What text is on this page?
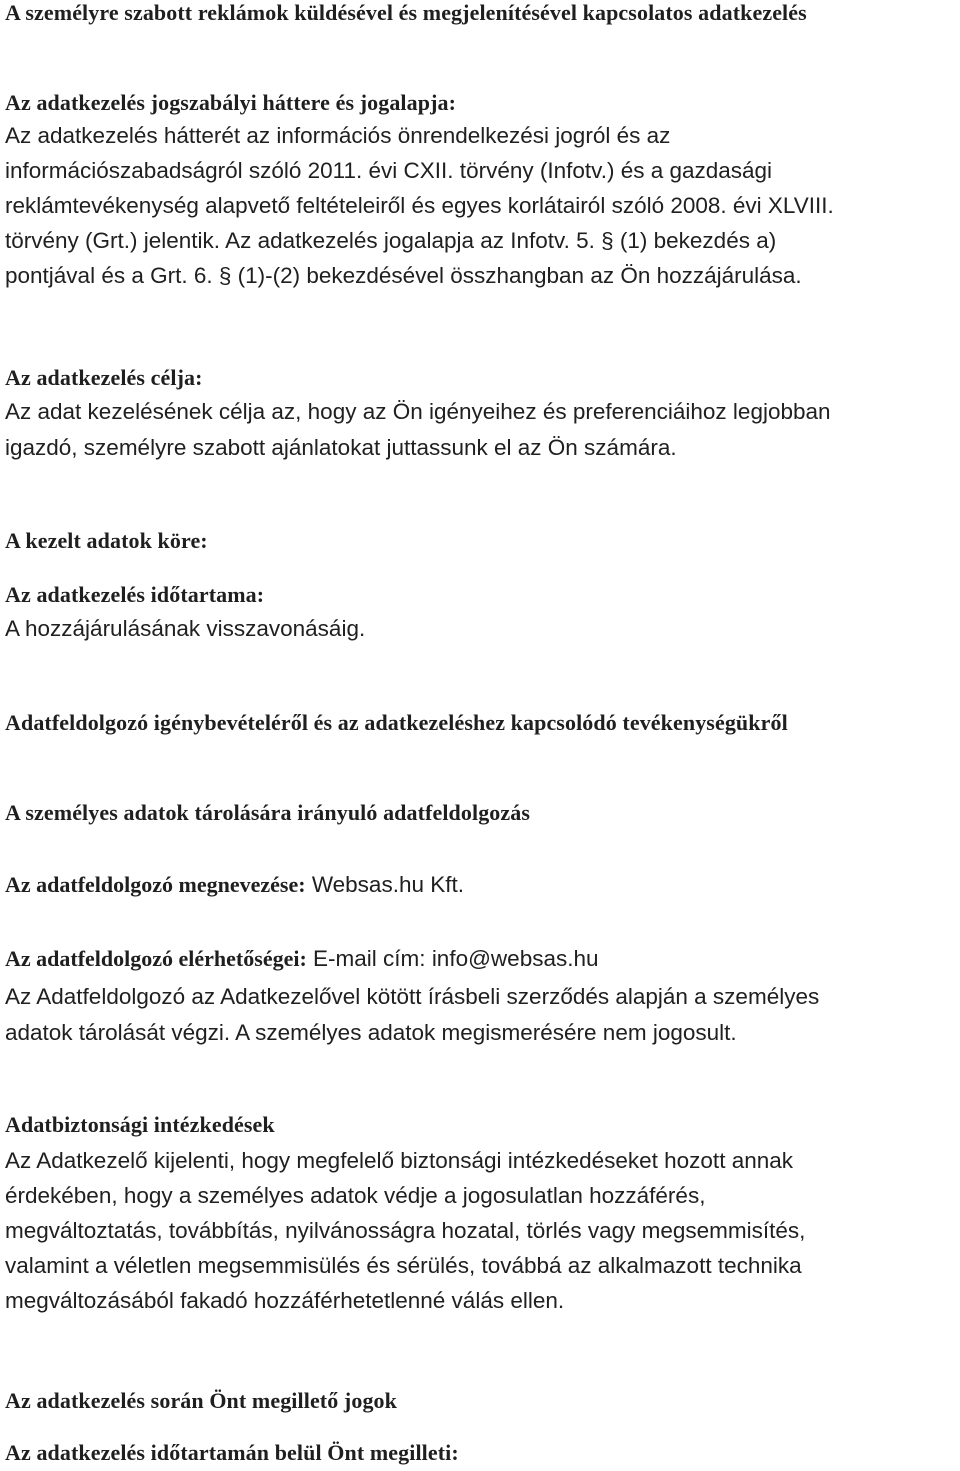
A személyre szabott reklámok küldésével és megjelenítésével kapcsolatos adatkezelés
Az adatkezelés jogszabályi háttere és jogalapja:
Az adatkezelés hátterét az információs önrendelkezési jogról és az
információszabadságról szóló 2011. évi CXII. törvény (Infotv.) és a gazdasági
reklámtevékenység alapvető feltételeiről és egyes korlátairól szóló 2008. évi XLVIII.
törvény (Grt.) jelentik. Az adatkezelés jogalapja az Infotv. 5. § (1) bekezdés a)
pontjával és a Grt. 6. § (1)-(2) bekezdésével összhangban az Ön hozzájárulása.
Az adatkezelés célja:
Az adat kezelésének célja az, hogy az Ön igényeihez és preferenciáihoz legjobban
igazdó, személyre szabott ajánlatokat juttassunk el az Ön számára.
A kezelt adatok köre:
Az adatkezelés időtartama:
A hozzájárulásának visszavonásáig.
Adatfeldolgozó igénybevételéről és az adatkezeléshez kapcsolódó tevékenységükről
A személyes adatok tárolására irányuló adatfeldolgozás
Az adatfeldolgozó megnevezése: Websas.hu Kft.
Az adatfeldolgozó elérhetőségei: E-mail cím: info@websas.hu
Az Adatfeldolgozó az Adatkezelővel kötött írásbeli szerződés alapján a személyes
adatok tárolását végzi. A személyes adatok megismerésére nem jogosult.
Adatbiztonsági intézkedések
Az Adatkezelő kijelenti, hogy megfelelő biztonsági intézkedéseket hozott annak
érdekében, hogy a személyes adatok védje a jogosulatlan hozzáférés,
megváltoztatás, továbbítás, nyilvánosságra hozatal, törlés vagy megsemmisítés,
valamint a véletlen megsemmisülés és sérülés, továbbá az alkalmazott technika
megváltozásából fakadó hozzáférhetetlenné válás ellen.
Az adatkezelés során Önt megillető jogok
Az adatkezelés időtartamán belül Önt megilleti:
